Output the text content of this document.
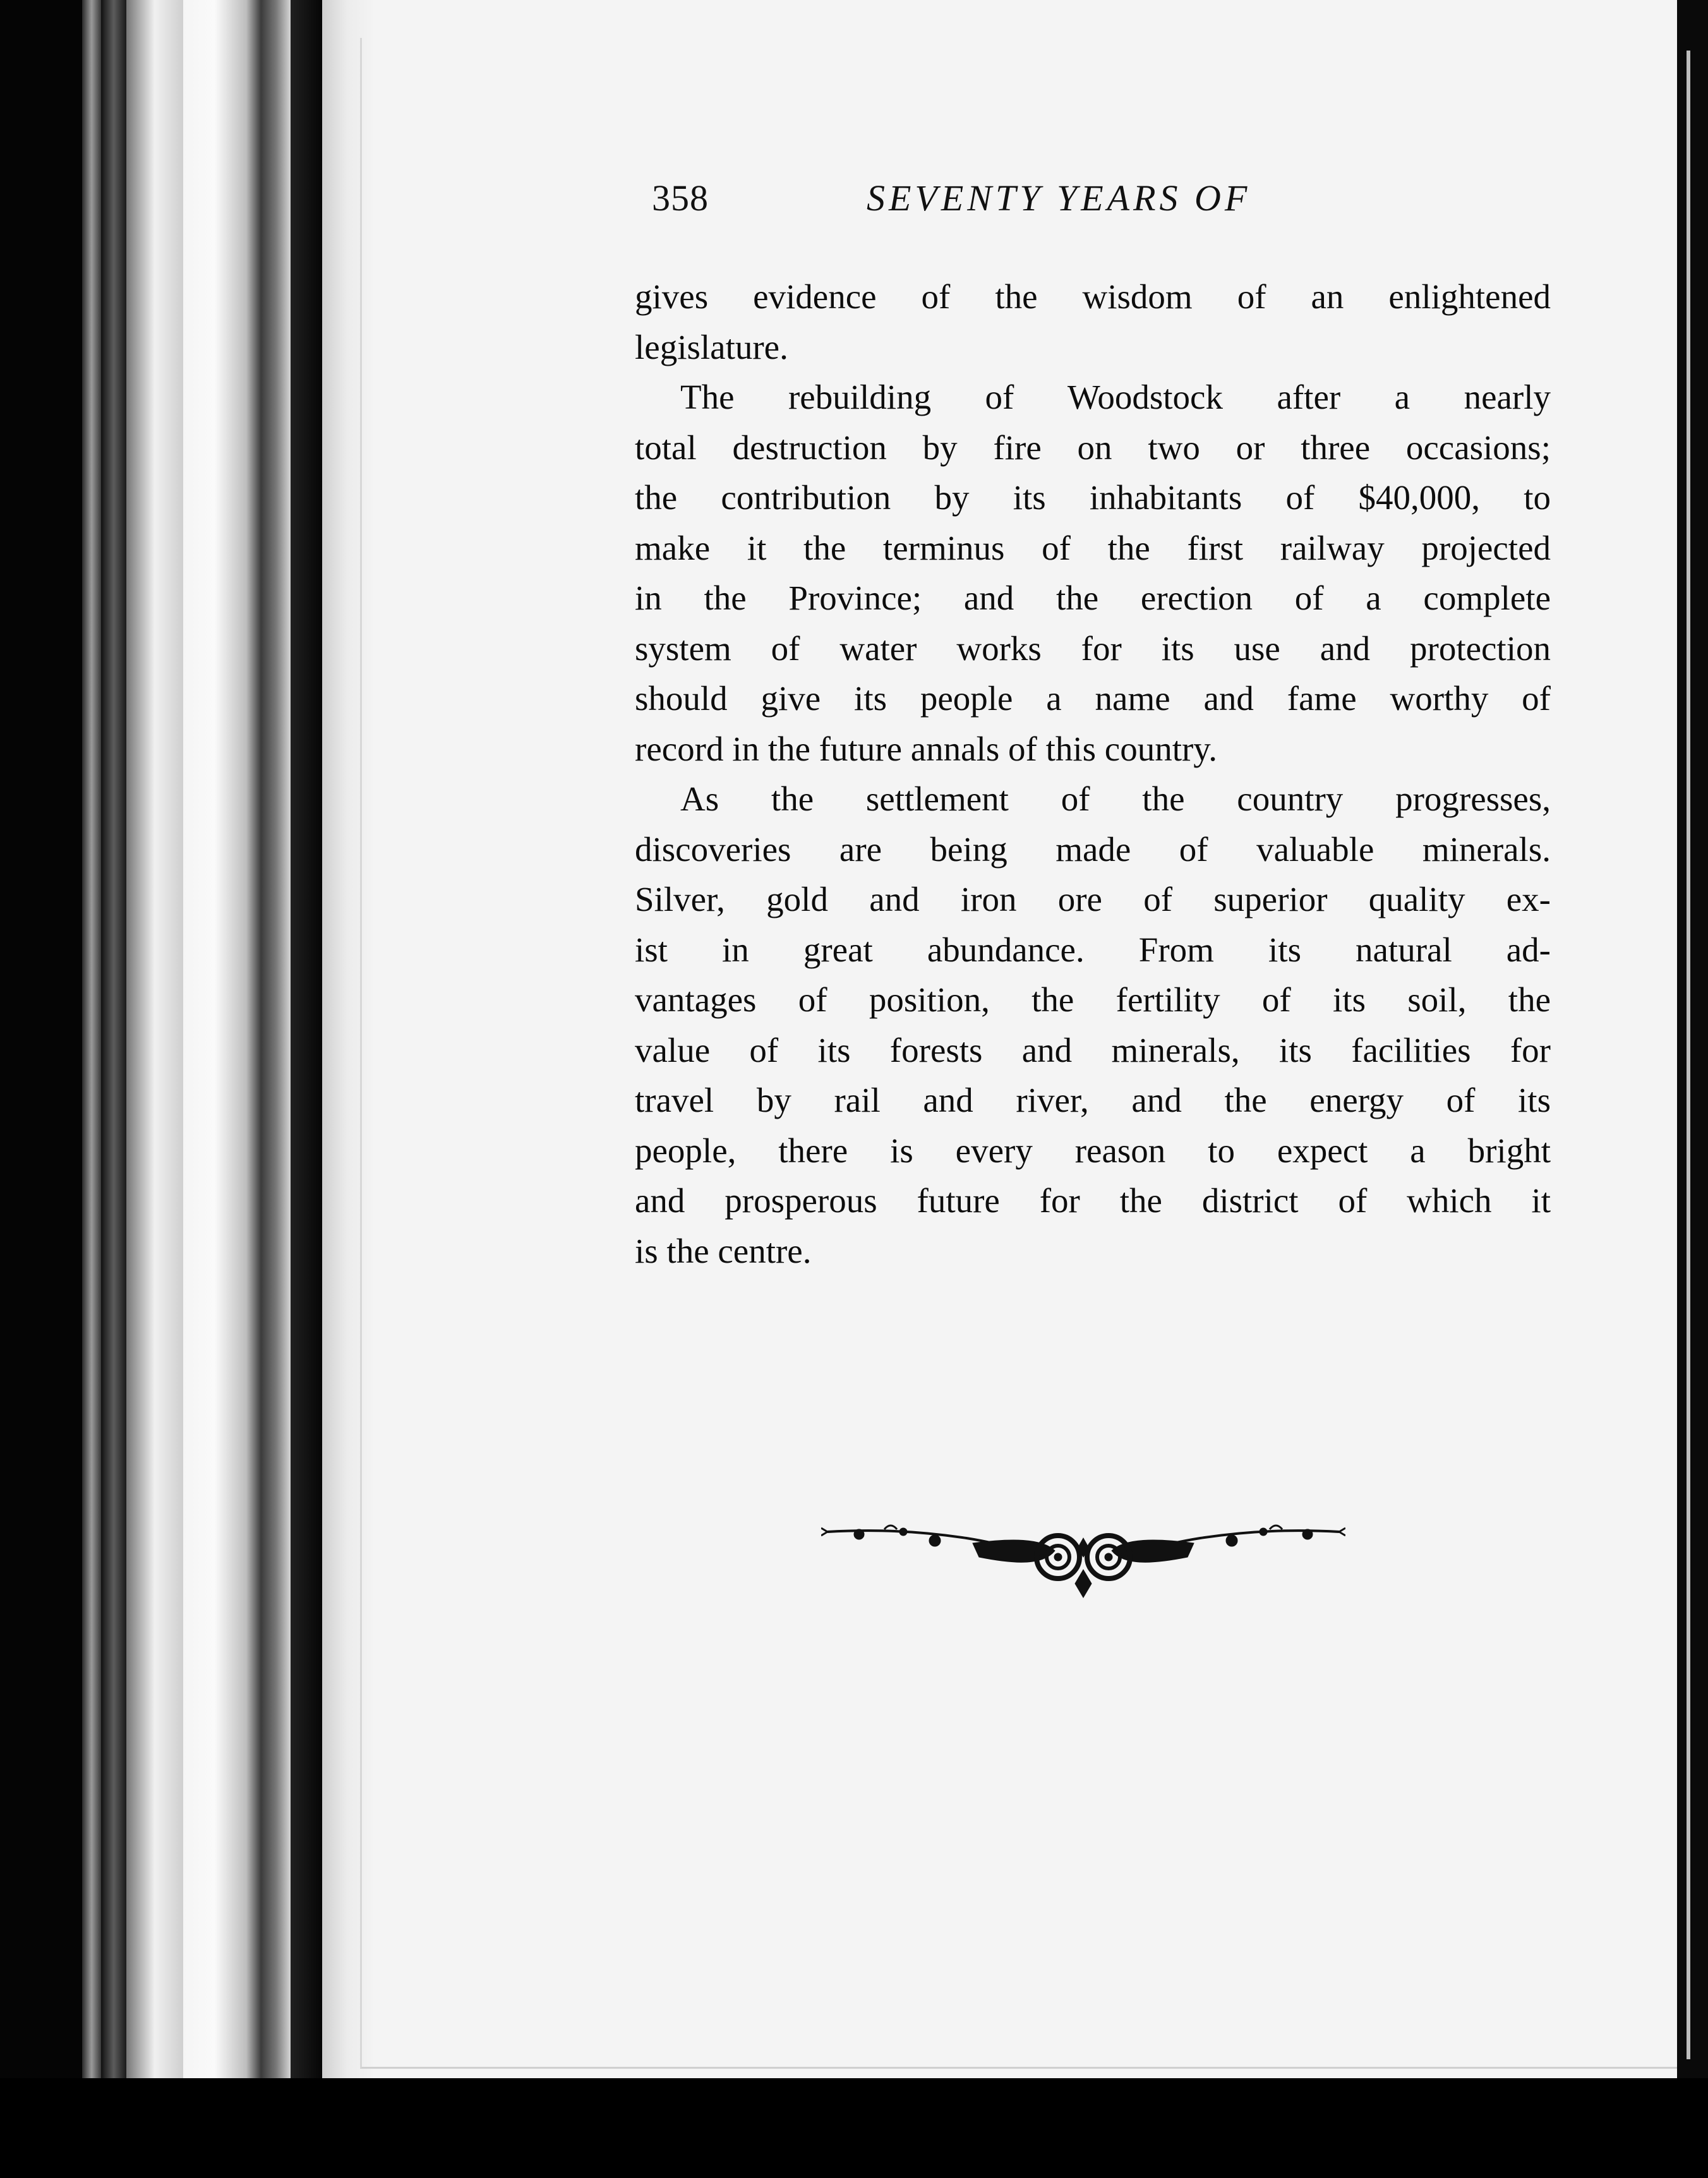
358	SEVENTY YEARS OF
gives evidence of the wisdom of an enlightened
legislature.
The rebuilding of Woodstock after a nearly
total destruction by fire on two or three occasions;
the contribution by its inhabitants of $40,000, to
make it the terminus of the first railway projected
in the Province; and the erection of a complete
system of water works for its use and protection
should give its people a name and fame worthy of
record in the future annals of this country.
As the settlement of the country progresses,
discoveries are being made of valuable minerals.
Silver, gold and iron ore of superior quality ex-
ist in great abundance. From its natural ad-
vantages of position, the fertility of its soil, the
value of its forests and minerals, its facilities for
travel by rail and river, and the energy of its
people, there is every reason to expect a bright
and prosperous future for the district of which it
is the centre.
